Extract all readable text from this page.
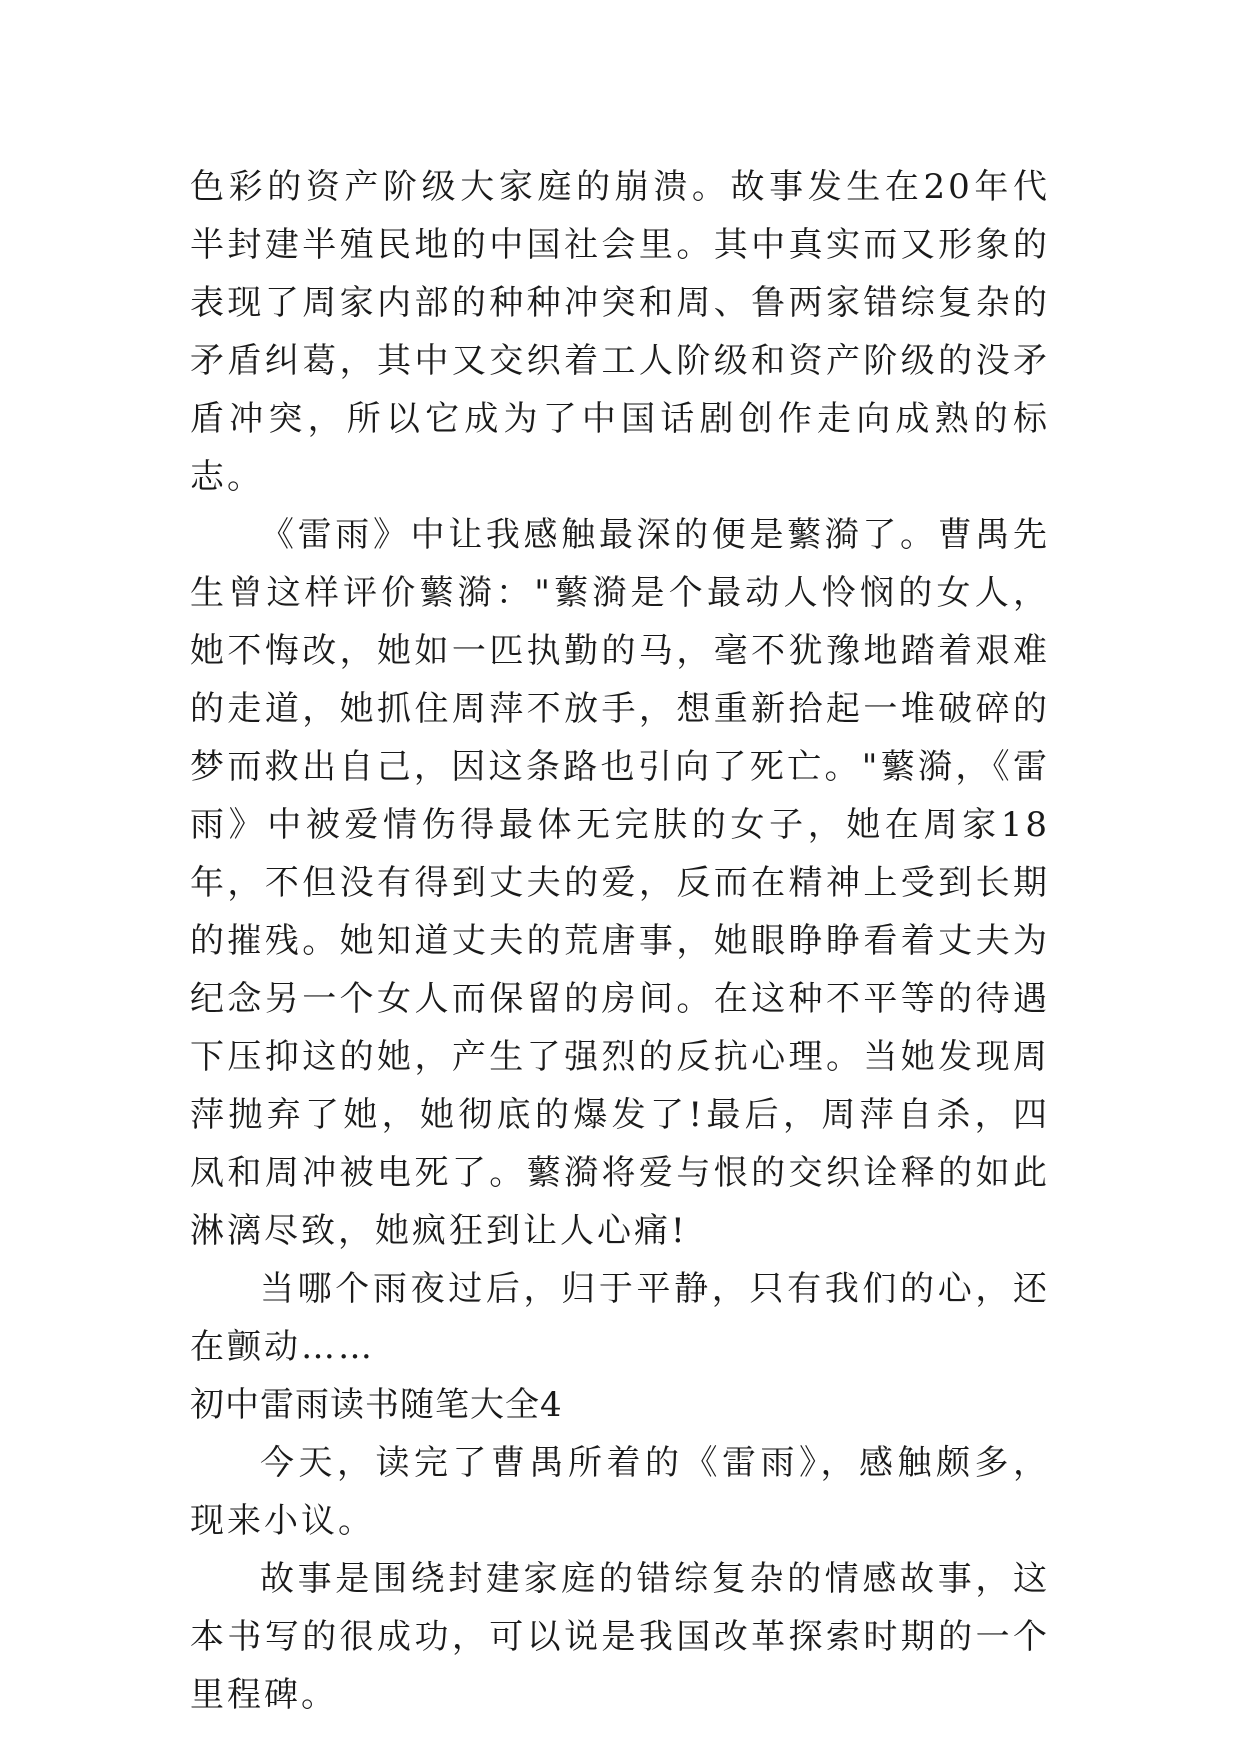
色彩的资产阶级大家庭的崩溃。故事发生在20年代半封建半殖民地的中国社会里。其中真实而又形象的表现了周家内部的种种冲突和周、鲁两家错综复杂的矛盾纠葛，其中又交织着工人阶级和资产阶级的没矛盾冲突，所以它成为了中国话剧创作走向成熟的标志。

《雷雨》中让我感触最深的便是蘩漪了。曹禺先生曾这样评价蘩漪："蘩漪是个最动人怜悯的女人，她不悔改，她如一匹执勤的马，毫不犹豫地踏着艰难的走道，她抓住周萍不放手，想重新拾起一堆破碎的梦而救出自己，因这条路也引向了死亡。"蘩漪，《雷雨》中被爱情伤得最体无完肤的女子，她在周家18年，不但没有得到丈夫的爱，反而在精神上受到长期的摧残。她知道丈夫的荒唐事，她眼睁睁看着丈夫为纪念另一个女人而保留的房间。在这种不平等的待遇下压抑这的她，产生了强烈的反抗心理。当她发现周萍抛弃了她，她彻底的爆发了!最后，周萍自杀，四凤和周冲被电死了。蘩漪将爱与恨的交织诠释的如此淋漓尽致，她疯狂到让人心痛!

当哪个雨夜过后，归于平静，只有我们的心，还在颤动……

初中雷雨读书随笔大全4

今天，读完了曹禺所着的《雷雨》，感触颇多，现来小议。

故事是围绕封建家庭的错综复杂的情感故事，这本书写的很成功，可以说是我国改革探索时期的一个里程碑。
